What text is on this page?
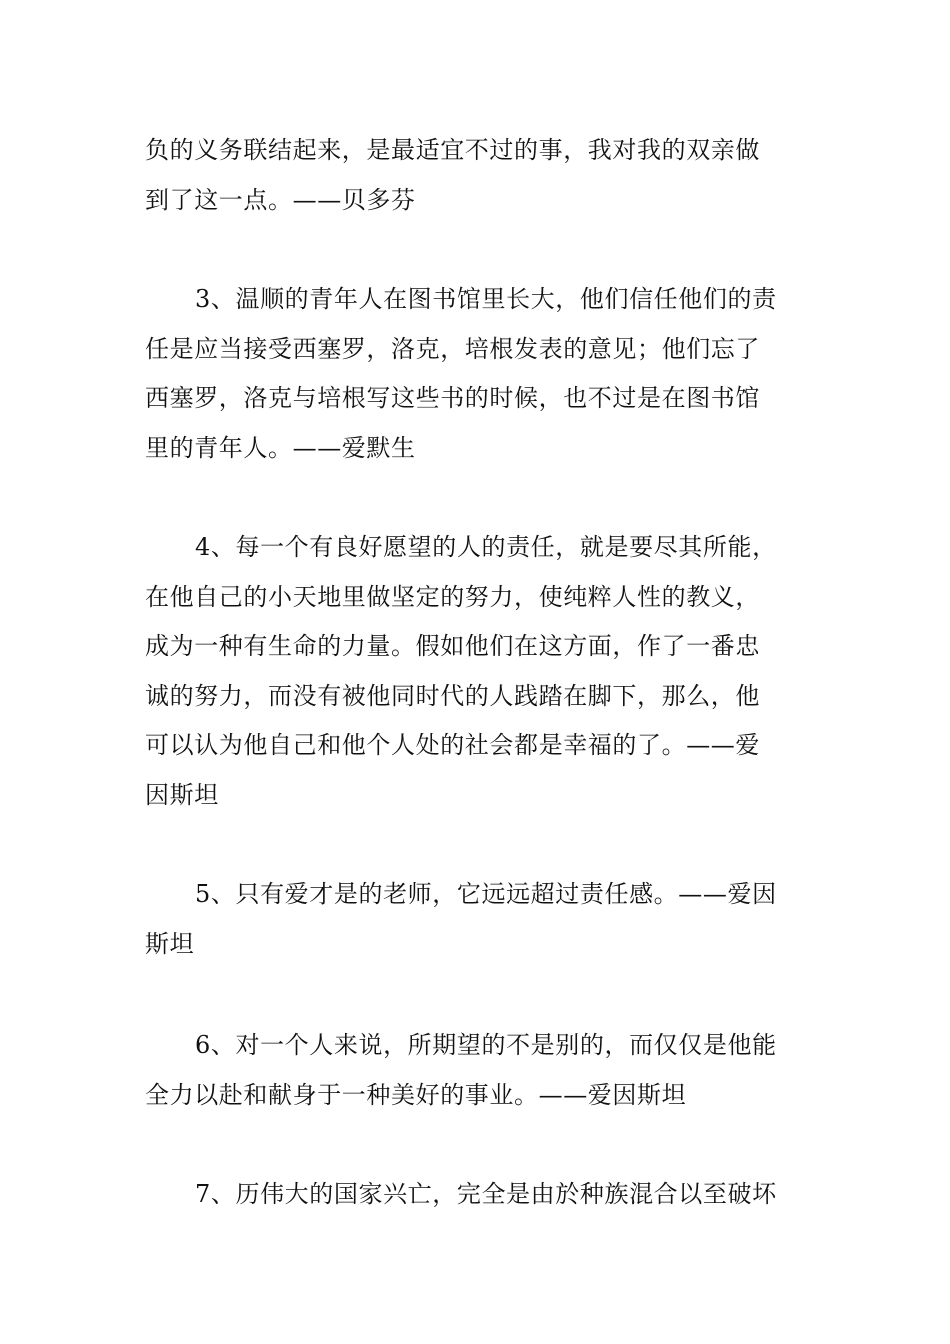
负的义务联结起来，是最适宜不过的事，我对我的双亲做
到了这一点。——贝多芬
3、温顺的青年人在图书馆里长大，他们信任他们的责
任是应当接受西塞罗，洛克，培根发表的意见；他们忘了
西塞罗，洛克与培根写这些书的时候，也不过是在图书馆
里的青年人。——爱默生
4、每一个有良好愿望的人的责任，就是要尽其所能，
在他自己的小天地里做坚定的努力，使纯粹人性的教义，
成为一种有生命的力量。假如他们在这方面，作了一番忠
诚的努力，而没有被他同时代的人践踏在脚下，那么，他
可以认为他自己和他个人处的社会都是幸福的了。——爱
因斯坦
5、只有爱才是的老师，它远远超过责任感。——爱因
斯坦
6、对一个人来说，所期望的不是别的，而仅仅是他能
全力以赴和献身于一种美好的事业。——爱因斯坦
7、历伟大的国家兴亡，完全是由於种族混合以至破坏
